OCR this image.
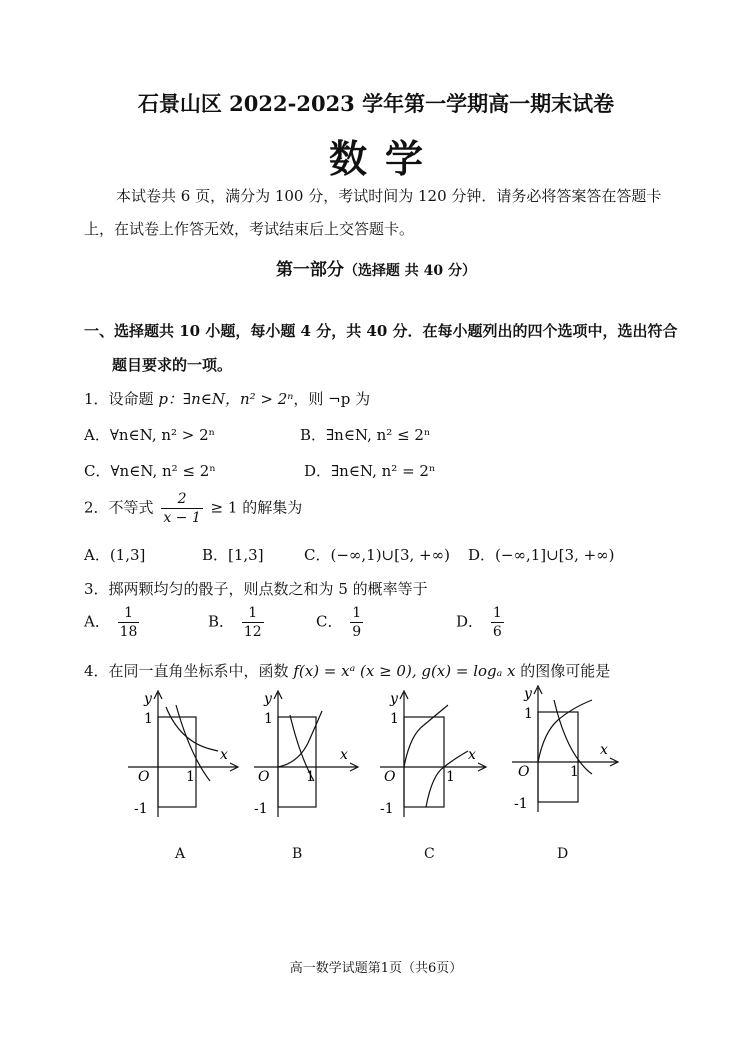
石景山区 2022-2023 学年第一学期高一期末试卷
数学
本试卷共 6 页，满分为 100 分，考试时间为 120 分钟．请务必将答案答在答题卡上，在试卷上作答无效，考试结束后上交答题卡。
第一部分（选择题 共 40 分）
一、选择题共 10 小题，每小题 4 分，共 40 分．在每小题列出的四个选项中，选出符合
题目要求的一项。
1．设命题 p：∃n∈N，n² > 2ⁿ，则 ¬p 为
A．∀n∈N, n² > 2ⁿ	B．∃n∈N, n² ≤ 2ⁿ
C．∀n∈N, n² ≤ 2ⁿ	D．∃n∈N, n² = 2ⁿ
2．不等式 $\frac{2}{x - 1} \ge 1$ 的解集为
A．(1,3]	B．[1,3]	C．(−∞,1)∪[3, +∞) D．(−∞,1]∪[3, +∞)
3．掷两颗均匀的骰子，则点数之和为 5 的概率等于
A． $\frac{1}{18}$	B． $\frac{1}{12}$	C． $\frac{1}{9}$	D． $\frac{1}{6}$
4．在同一直角坐标系中，函数 f(x) = xᵃ (x ≥ 0), g(x) = logₐ x 的图像可能是
y
x
O	1
1
-1
A
y
x
O	1
1
-1
B
y
x
O	1
1
-1
C
y
x
O	1
1
-1
D
高一数学试题第1页（共6页）
